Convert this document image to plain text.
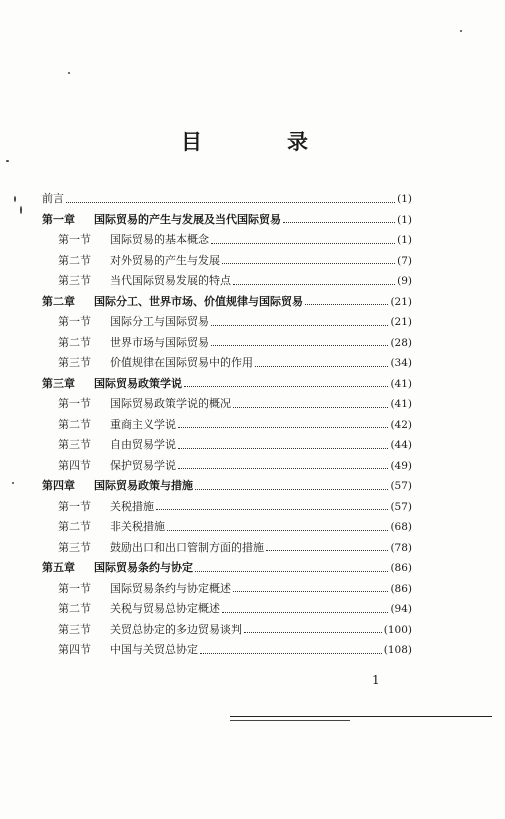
目　录
前言	(1)
第一章 国际贸易的产生与发展及当代国际贸易	(1)
第一节 国际贸易的基本概念	(1)
第二节 对外贸易的产生与发展	(7)
第三节 当代国际贸易发展的特点	(9)
第二章 国际分工、世界市场、价值规律与国际贸易	(21)
第一节 国际分工与国际贸易	(21)
第二节 世界市场与国际贸易	(28)
第三节 价值规律在国际贸易中的作用	(34)
第三章 国际贸易政策学说	(41)
第一节 国际贸易政策学说的概况	(41)
第二节 重商主义学说	(42)
第三节 自由贸易学说	(44)
第四节 保护贸易学说	(49)
第四章 国际贸易政策与措施	(57)
第一节 关税措施	(57)
第二节 非关税措施	(68)
第三节 鼓励出口和出口管制方面的措施	(78)
第五章 国际贸易条约与协定	(86)
第一节 国际贸易条约与协定概述	(86)
第二节 关税与贸易总协定概述	(94)
第三节 关贸总协定的多边贸易谈判	(100)
第四节 中国与关贸总协定	(108)
1
